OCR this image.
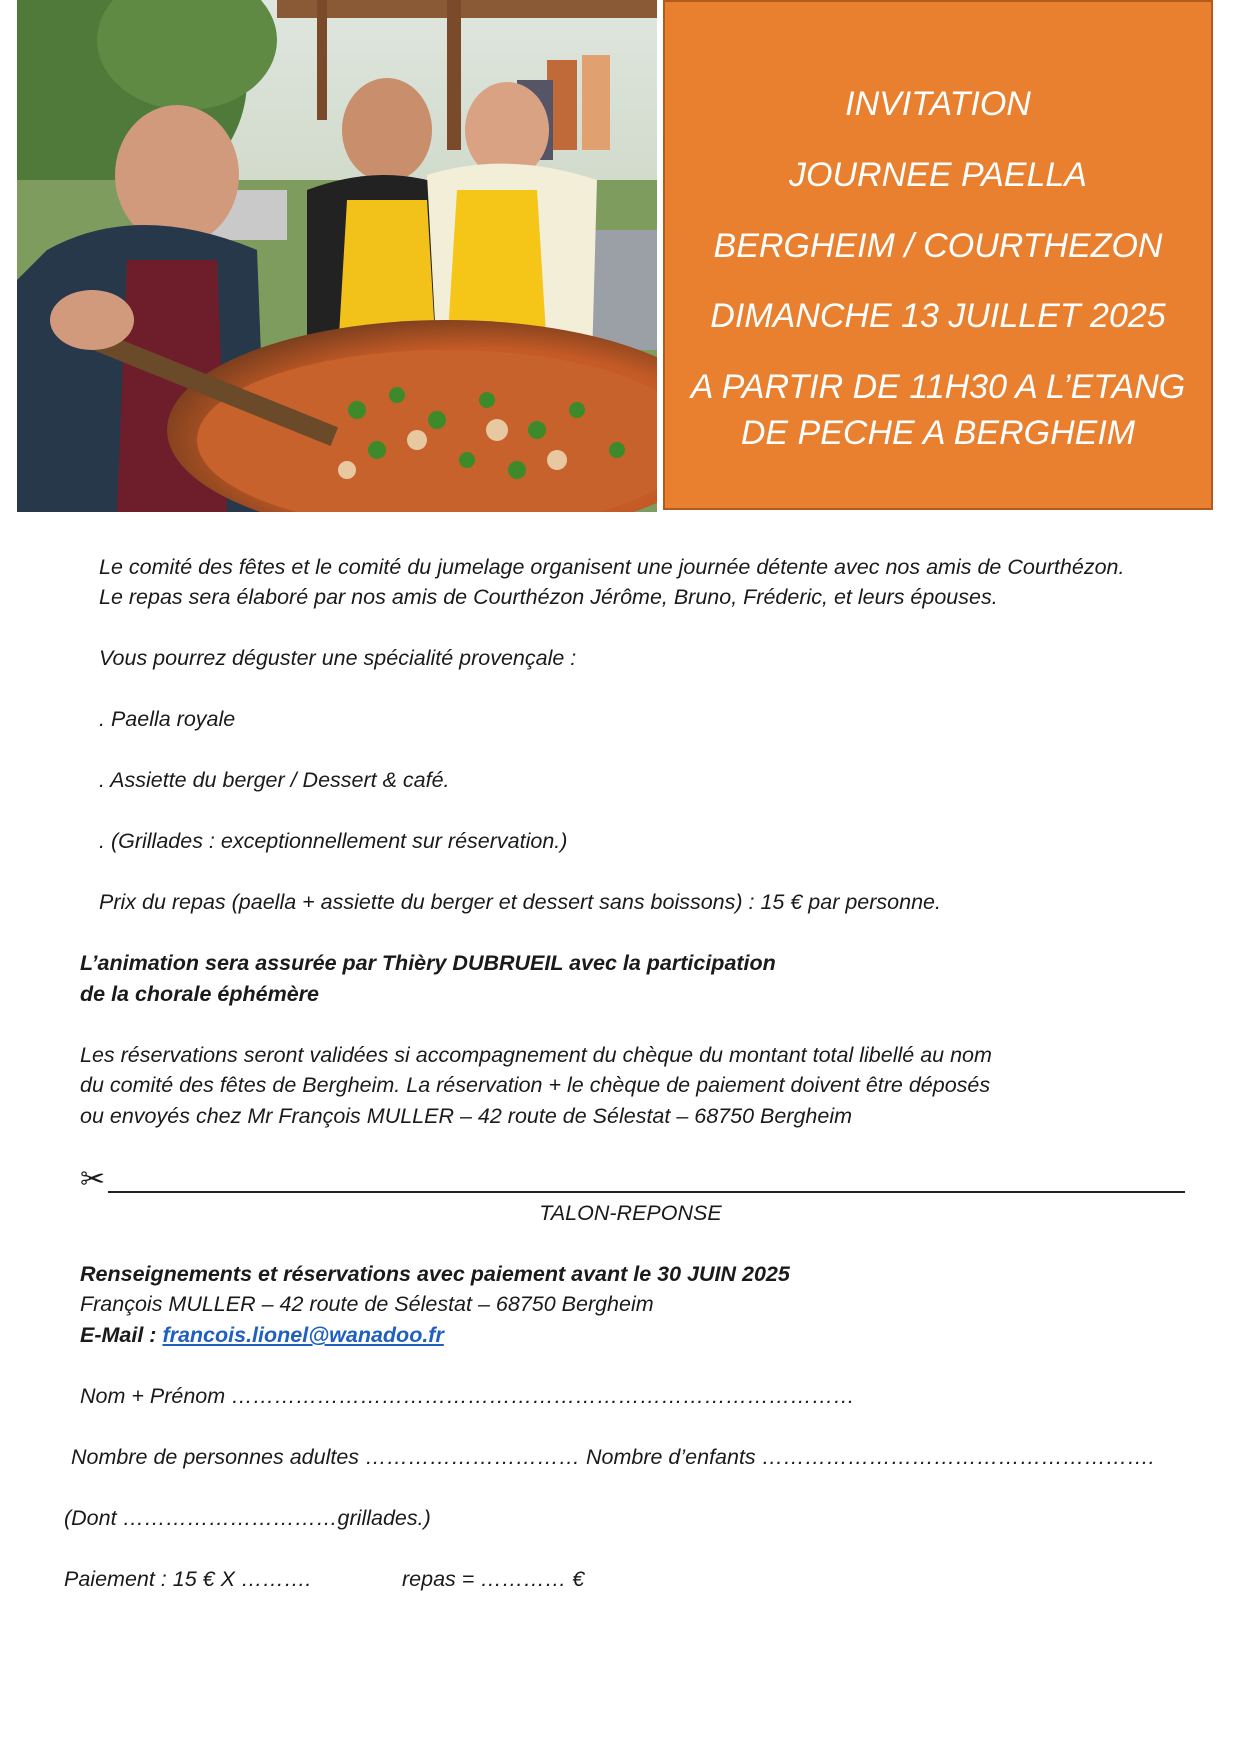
INVITATION
JOURNEE PAELLA
BERGHEIM / COURTHEZON
DIMANCHE 13 JUILLET 2025
A PARTIR DE 11H30 A L’ETANG
DE PECHE A BERGHEIM
Le comité des fêtes et le comité du jumelage organisent une journée détente avec nos amis de Courthézon.
Le repas sera élaboré par nos amis de Courthézon Jérôme, Bruno, Fréderic, et leurs épouses.
Vous pourrez déguster une spécialité provençale :
. Paella royale
. Assiette du berger / Dessert & café.
. (Grillades : exceptionnellement sur réservation.)
Prix du repas (paella + assiette du berger et dessert sans boissons) : 15 € par personne.
L’animation sera assurée par Thièry DUBRUEIL avec la participation
de la chorale éphémère
Les réservations seront validées si accompagnement du chèque du montant total libellé au nom
du comité des fêtes de Bergheim. La réservation + le chèque de paiement doivent être déposés
ou envoyés chez Mr François MULLER – 42 route de Sélestat – 68750 Bergheim
✂
TALON-REPONSE
Renseignements et réservations avec paiement avant le 30 JUIN 2025
François MULLER – 42 route de Sélestat – 68750 Bergheim
E-Mail : francois.lionel@wanadoo.fr
Nom + Prénom ……………………………………………………………………………
Nombre de personnes adultes ………………………… Nombre d’enfants ……………………………………………….
(Dont …………………………grillades.)
Paiement : 15 € X ……….	repas = ………… €
